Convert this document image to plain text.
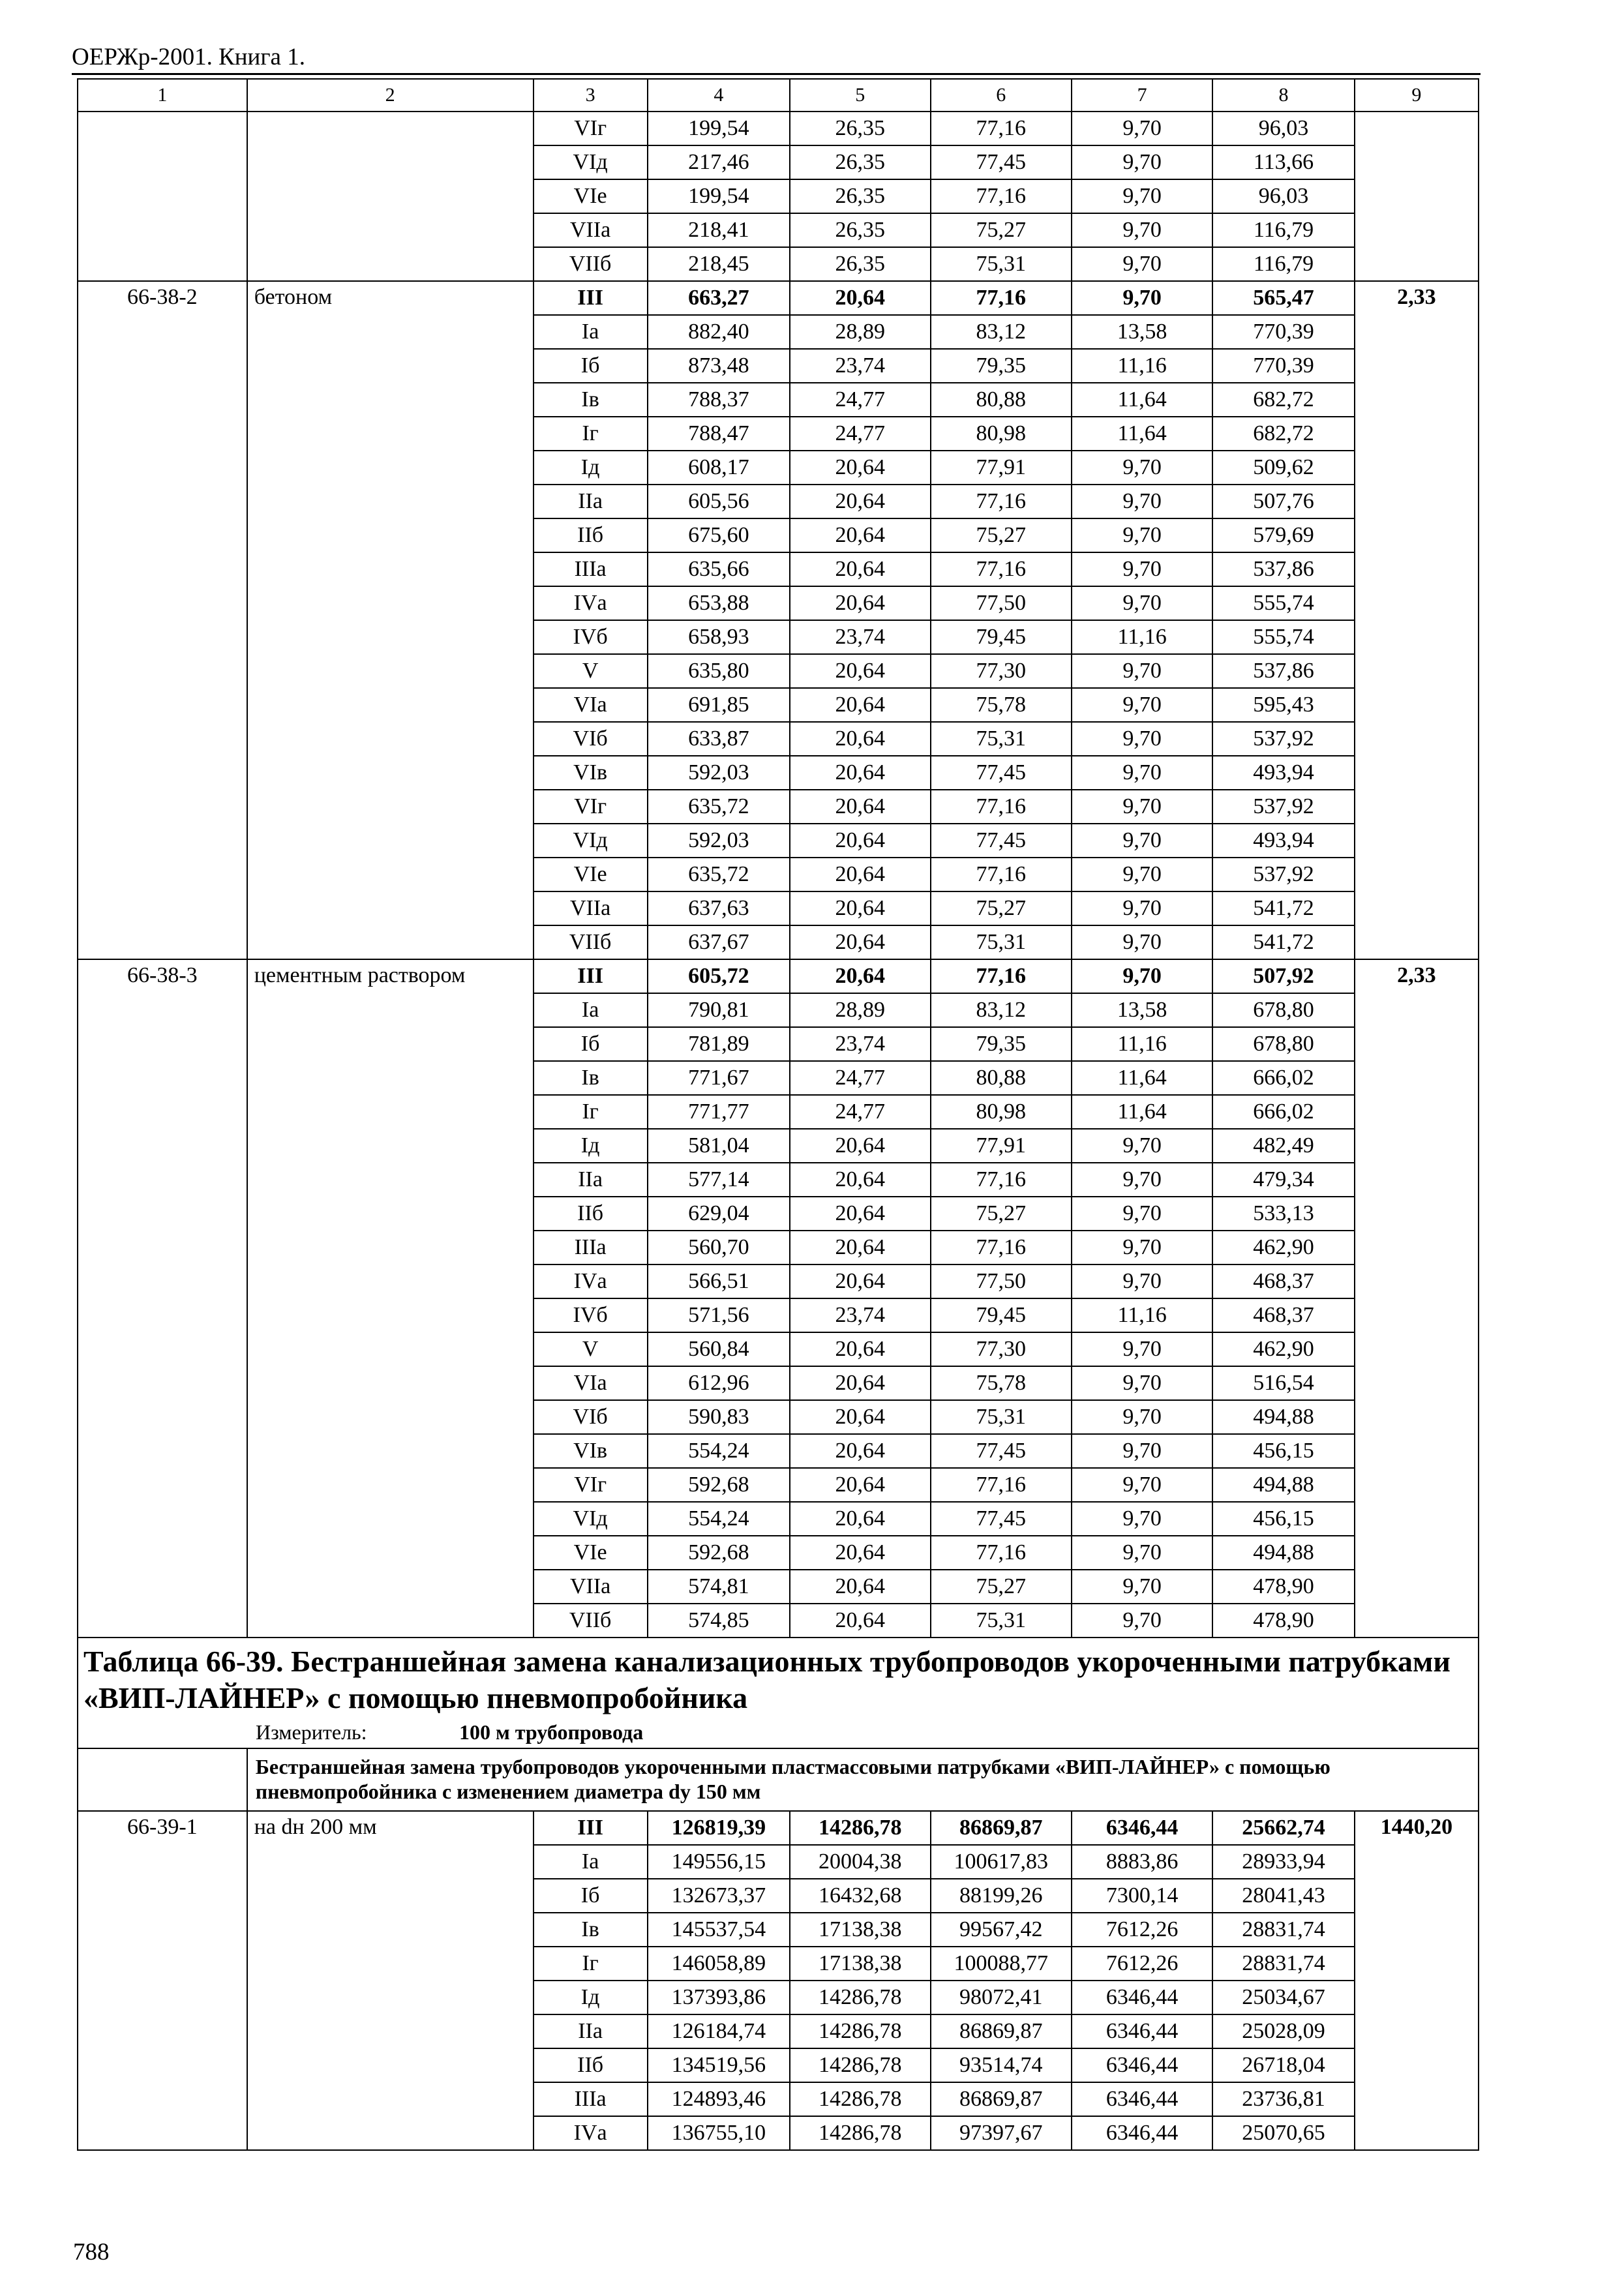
ОЕРЖр-2001. Книга 1.
1	2	3	4	5	6	7	8	9
		VIг	199,54	26,35	77,16	9,70	96,03	
		VIд	217,46	26,35	77,45	9,70	113,66	
		VIе	199,54	26,35	77,16	9,70	96,03	
		VIIа	218,41	26,35	75,27	9,70	116,79	
		VIIб	218,45	26,35	75,31	9,70	116,79	
66-38-2	бетоном	III	663,27	20,64	77,16	9,70	565,47	2,33
		Iа	882,40	28,89	83,12	13,58	770,39	
		Iб	873,48	23,74	79,35	11,16	770,39	
		Iв	788,37	24,77	80,88	11,64	682,72	
		Iг	788,47	24,77	80,98	11,64	682,72	
		Iд	608,17	20,64	77,91	9,70	509,62	
		IIа	605,56	20,64	77,16	9,70	507,76	
		IIб	675,60	20,64	75,27	9,70	579,69	
		IIIа	635,66	20,64	77,16	9,70	537,86	
		IVа	653,88	20,64	77,50	9,70	555,74	
		IVб	658,93	23,74	79,45	11,16	555,74	
		V	635,80	20,64	77,30	9,70	537,86	
		VIа	691,85	20,64	75,78	9,70	595,43	
		VIб	633,87	20,64	75,31	9,70	537,92	
		VIв	592,03	20,64	77,45	9,70	493,94	
		VIг	635,72	20,64	77,16	9,70	537,92	
		VIд	592,03	20,64	77,45	9,70	493,94	
		VIе	635,72	20,64	77,16	9,70	537,92	
		VIIа	637,63	20,64	75,27	9,70	541,72	
		VIIб	637,67	20,64	75,31	9,70	541,72	
66-38-3	цементным раствором	III	605,72	20,64	77,16	9,70	507,92	2,33
		Iа	790,81	28,89	83,12	13,58	678,80	
		Iб	781,89	23,74	79,35	11,16	678,80	
		Iв	771,67	24,77	80,88	11,64	666,02	
		Iг	771,77	24,77	80,98	11,64	666,02	
		Iд	581,04	20,64	77,91	9,70	482,49	
		IIа	577,14	20,64	77,16	9,70	479,34	
		IIб	629,04	20,64	75,27	9,70	533,13	
		IIIа	560,70	20,64	77,16	9,70	462,90	
		IVа	566,51	20,64	77,50	9,70	468,37	
		IVб	571,56	23,74	79,45	11,16	468,37	
		V	560,84	20,64	77,30	9,70	462,90	
		VIа	612,96	20,64	75,78	9,70	516,54	
		VIб	590,83	20,64	75,31	9,70	494,88	
		VIв	554,24	20,64	77,45	9,70	456,15	
		VIг	592,68	20,64	77,16	9,70	494,88	
		VIд	554,24	20,64	77,45	9,70	456,15	
		VIе	592,68	20,64	77,16	9,70	494,88	
		VIIа	574,81	20,64	75,27	9,70	478,90	
		VIIб	574,85	20,64	75,31	9,70	478,90	

Таблица 66-39. Бестраншейная замена канализационных трубопроводов укороченными патрубками «ВИП-ЛАЙНЕР» с помощью пневмопробойника
Измеритель: 100 м трубопровода								

	Бестраншейная замена трубопроводов укороченными пластмассовыми патрубками «ВИП-ЛАЙНЕР» с помощью пневмопробойника с изменением диаметра dу 150 мм							
66-39-1	на dн 200 мм	III	126819,39	14286,78	86869,87	6346,44	25662,74	1440,20
		Iа	149556,15	20004,38	100617,83	8883,86	28933,94	
		Iб	132673,37	16432,68	88199,26	7300,14	28041,43	
		Iв	145537,54	17138,38	99567,42	7612,26	28831,74	
		Iг	146058,89	17138,38	100088,77	7612,26	28831,74	
		Iд	137393,86	14286,78	98072,41	6346,44	25034,67	
		IIа	126184,74	14286,78	86869,87	6346,44	25028,09	
		IIб	134519,56	14286,78	93514,74	6346,44	26718,04	
		IIIа	124893,46	14286,78	86869,87	6346,44	23736,81	
		IVа	136755,10	14286,78	97397,67	6346,44	25070,65	
788
